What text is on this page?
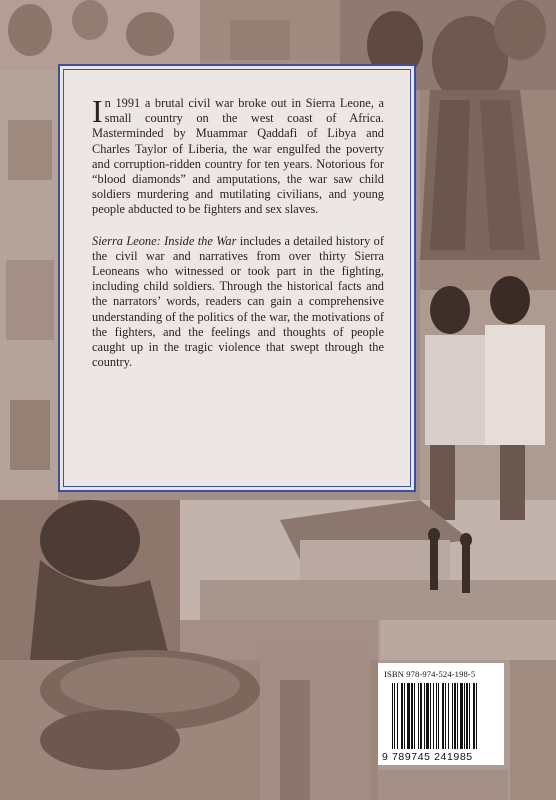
In 1991 a brutal civil war broke out in Sierra Leone, a small country on the west coast of Africa. Masterminded by Muammar Qaddafi of Libya and Charles Taylor of Liberia, the war engulfed the poverty and corruption-ridden country for ten years. Notorious for “blood diamonds” and amputations, the war saw child soldiers murdering and mutilating civilians, and young people abducted to be fighters and sex slaves.

Sierra Leone: Inside the War includes a detailed history of the civil war and narratives from over thirty Sierra Leoneans who witnessed or took part in the fighting, including child soldiers. Through the historical facts and the narrators’ words, readers can gain a comprehensive understanding of the politics of the war, the motivations of the fighters, and the feelings and thoughts of people caught up in the tragic violence that swept through the country.

ISBN 978-974-524-198-5
9 789745 241985
